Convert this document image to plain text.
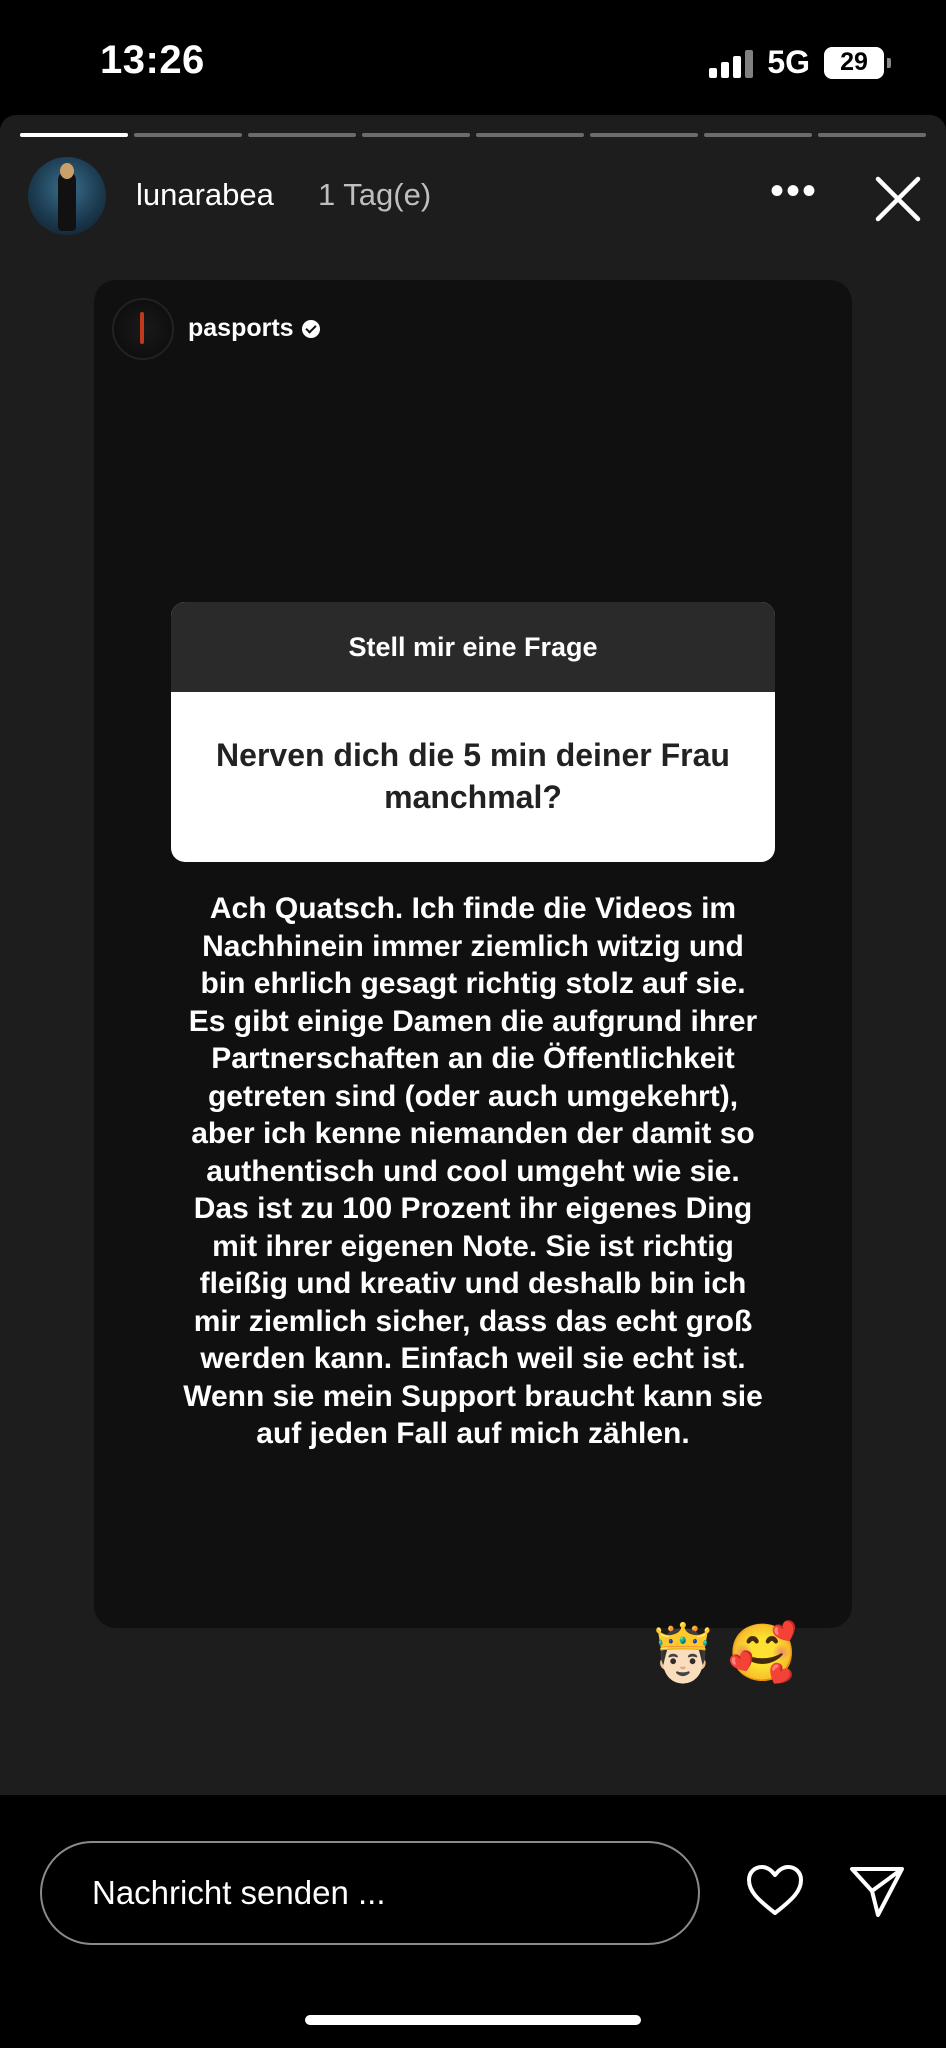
13:26	5G 29
lunarabea 1 Tag(e)	•••
pasports
Stell mir eine Frage
Nerven dich die 5 min deiner Frau manchmal?
Ach Quatsch. Ich finde die Videos im
Nachhinein immer ziemlich witzig und
bin ehrlich gesagt richtig stolz auf sie.
Es gibt einige Damen die aufgrund ihrer
Partnerschaften an die Öffentlichkeit
getreten sind (oder auch umgekehrt),
aber ich kenne niemanden der damit so
authentisch und cool umgeht wie sie.
Das ist zu 100 Prozent ihr eigenes Ding
mit ihrer eigenen Note. Sie ist richtig
fleißig und kreativ und deshalb bin ich
mir ziemlich sicher, dass das echt groß
werden kann. Einfach weil sie echt ist.
Wenn sie mein Support braucht kann sie
auf jeden Fall auf mich zählen.
🤴🏻 🥰
Nachricht senden ...
